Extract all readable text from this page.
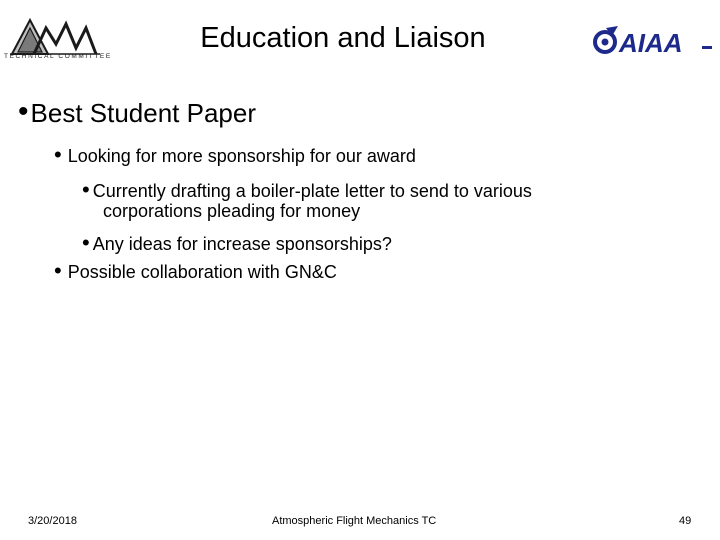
TECHNICAL COMMITTEE
Education and Liaison	AIAA
•Best Student Paper
• Looking for more sponsorship for our award
• Currently drafting a boiler-plate letter to send to various
corporations pleading for money
• Any ideas for increase sponsorships?
• Possible collaboration with GN&C
3/20/2018	Atmospheric Flight Mechanics TC	49
